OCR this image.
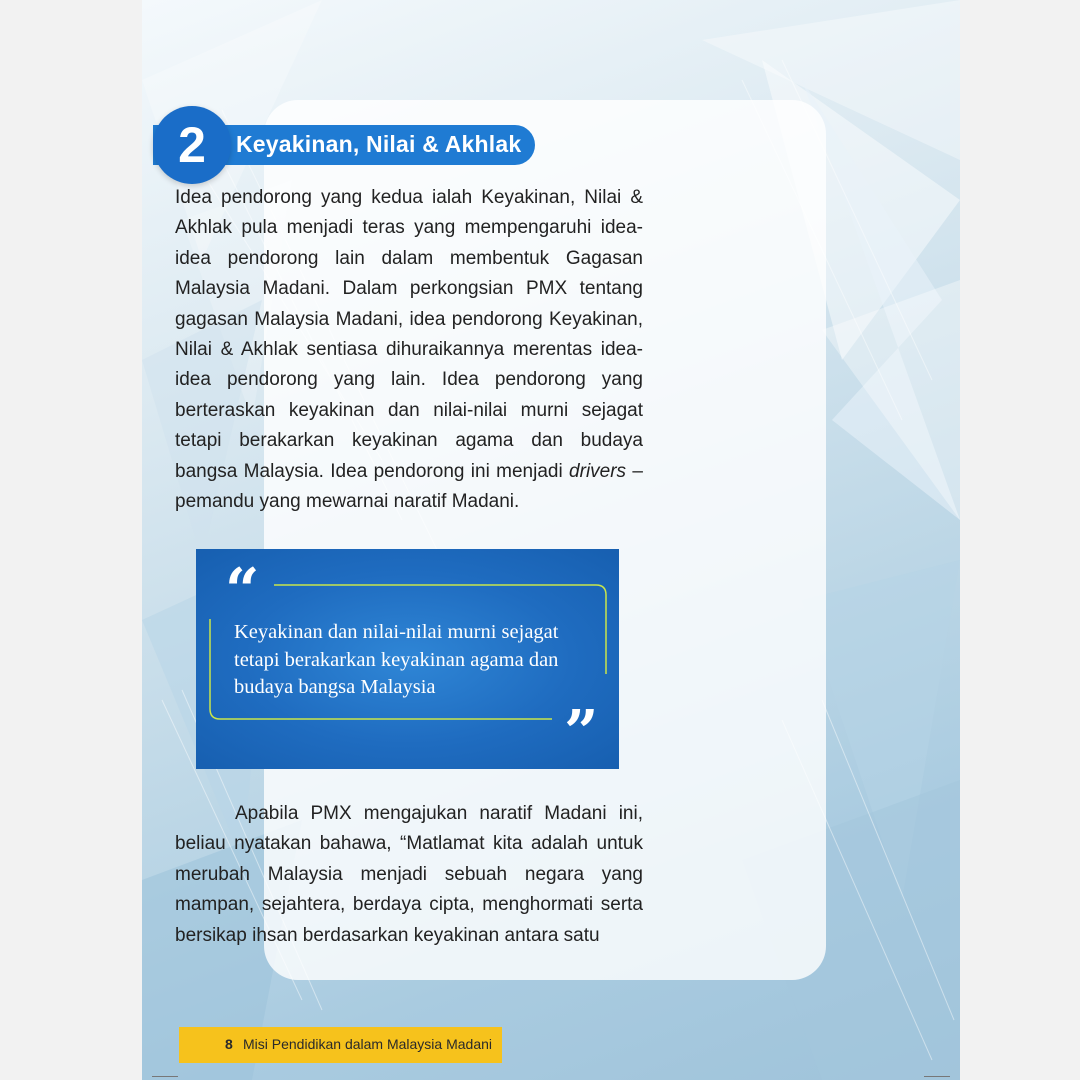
Keyakinan, Nilai & Akhlak
2

Idea pendorong yang kedua ialah Keyakinan, Nilai & Akhlak pula menjadi teras yang mempengaruhi idea-idea pendorong lain dalam membentuk Gagasan Malaysia Madani. Dalam perkongsian PMX tentang gagasan Malaysia Madani, idea pendorong Keyakinan, Nilai & Akhlak sentiasa dihuraikannya merentas idea-idea pendorong yang lain. Idea pendorong yang berteraskan keyakinan dan nilai-nilai murni sejagat tetapi berakarkan keyakinan agama dan budaya bangsa Malaysia. Idea pendorong ini menjadi drivers – pemandu yang mewarnai naratif Madani.

“
Keyakinan dan nilai-nilai murni sejagat tetapi berakarkan keyakinan agama dan budaya bangsa Malaysia
”

Apabila PMX mengajukan naratif Madani ini, beliau nyatakan bahawa, “Matlamat kita adalah untuk merubah Malaysia menjadi sebuah negara yang mampan, sejahtera, berdaya cipta, menghormati serta bersikap ihsan berdasarkan keyakinan antara satu

8 Misi Pendidikan dalam Malaysia Madani
